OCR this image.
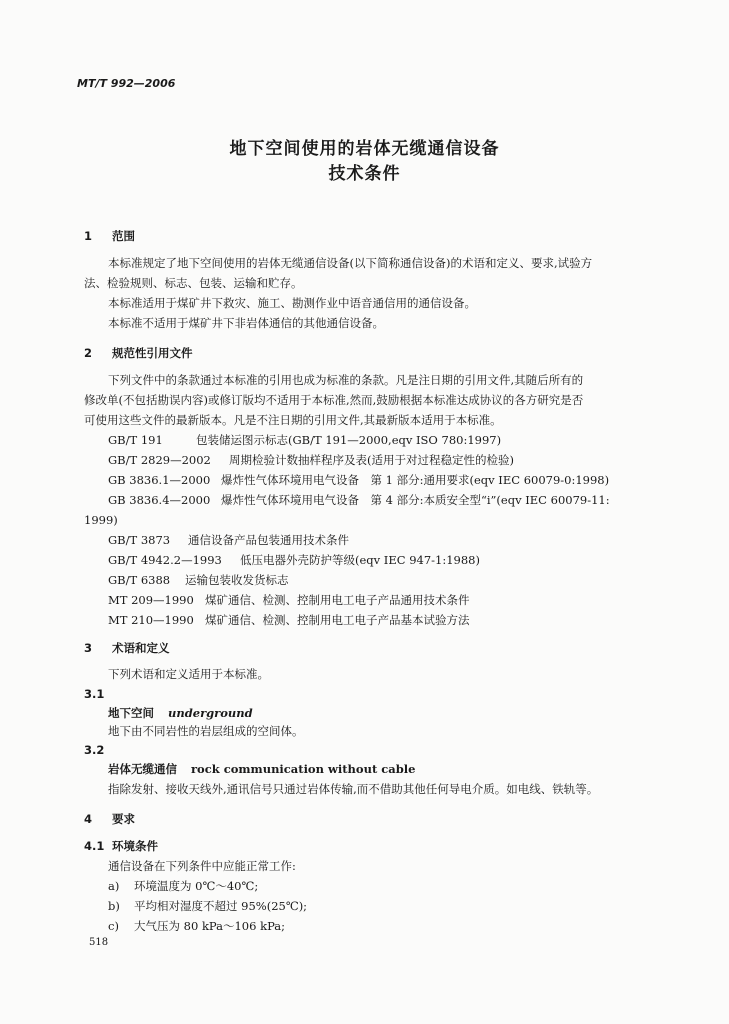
MT/T 992—2006
地下空间使用的岩体无缆通信设备
技术条件
1 范围
本标准规定了地下空间使用的岩体无缆通信设备(以下简称通信设备)的术语和定义、要求,试验方
法、检验规则、标志、包装、运输和贮存。
本标准适用于煤矿井下救灾、施工、勘测作业中语音通信用的通信设备。
本标准不适用于煤矿井下非岩体通信的其他通信设备。
2 规范性引用文件
下列文件中的条款通过本标准的引用也成为标准的条款。凡是注日期的引用文件,其随后所有的
修改单(不包括勘误内容)或修订版均不适用于本标准,然而,鼓励根据本标准达成协议的各方研究是否
可使用这些文件的最新版本。凡是不注日期的引用文件,其最新版本适用于本标准。
GB/T 191	包装储运图示标志(GB/T 191—2000,eqv ISO 780:1997)
GB/T 2829—2002 周期检验计数抽样程序及表(适用于对过程稳定性的检验)
GB 3836.1—2000 爆炸性气体环境用电气设备　第 1 部分:通用要求(eqv IEC 60079-0:1998)
GB 3836.4—2000 爆炸性气体环境用电气设备　第 4 部分:本质安全型“i”(eqv IEC 60079-11:
1999)
GB/T 3873 通信设备产品包装通用技术条件
GB/T 4942.2—1993 低压电器外壳防护等级(eqv IEC 947-1:1988)
GB/T 6388 运输包装收发货标志
MT 209—1990 煤矿通信、检测、控制用电工电子产品通用技术条件
MT 210—1990 煤矿通信、检测、控制用电工电子产品基本试验方法
3 术语和定义
下列术语和定义适用于本标准。
3.1
地下空间 underground
地下由不同岩性的岩层组成的空间体。
3.2
岩体无缆通信 rock communication without cable
指除发射、接收天线外,通讯信号只通过岩体传输,而不借助其他任何导电介质。如电线、铁轨等。
4 要求
4.1 环境条件
通信设备在下列条件中应能正常工作:
a) 环境温度为 0℃～40℃;
b) 平均相对湿度不超过 95%(25℃);
c) 大气压为 80 kPa～106 kPa;
518
